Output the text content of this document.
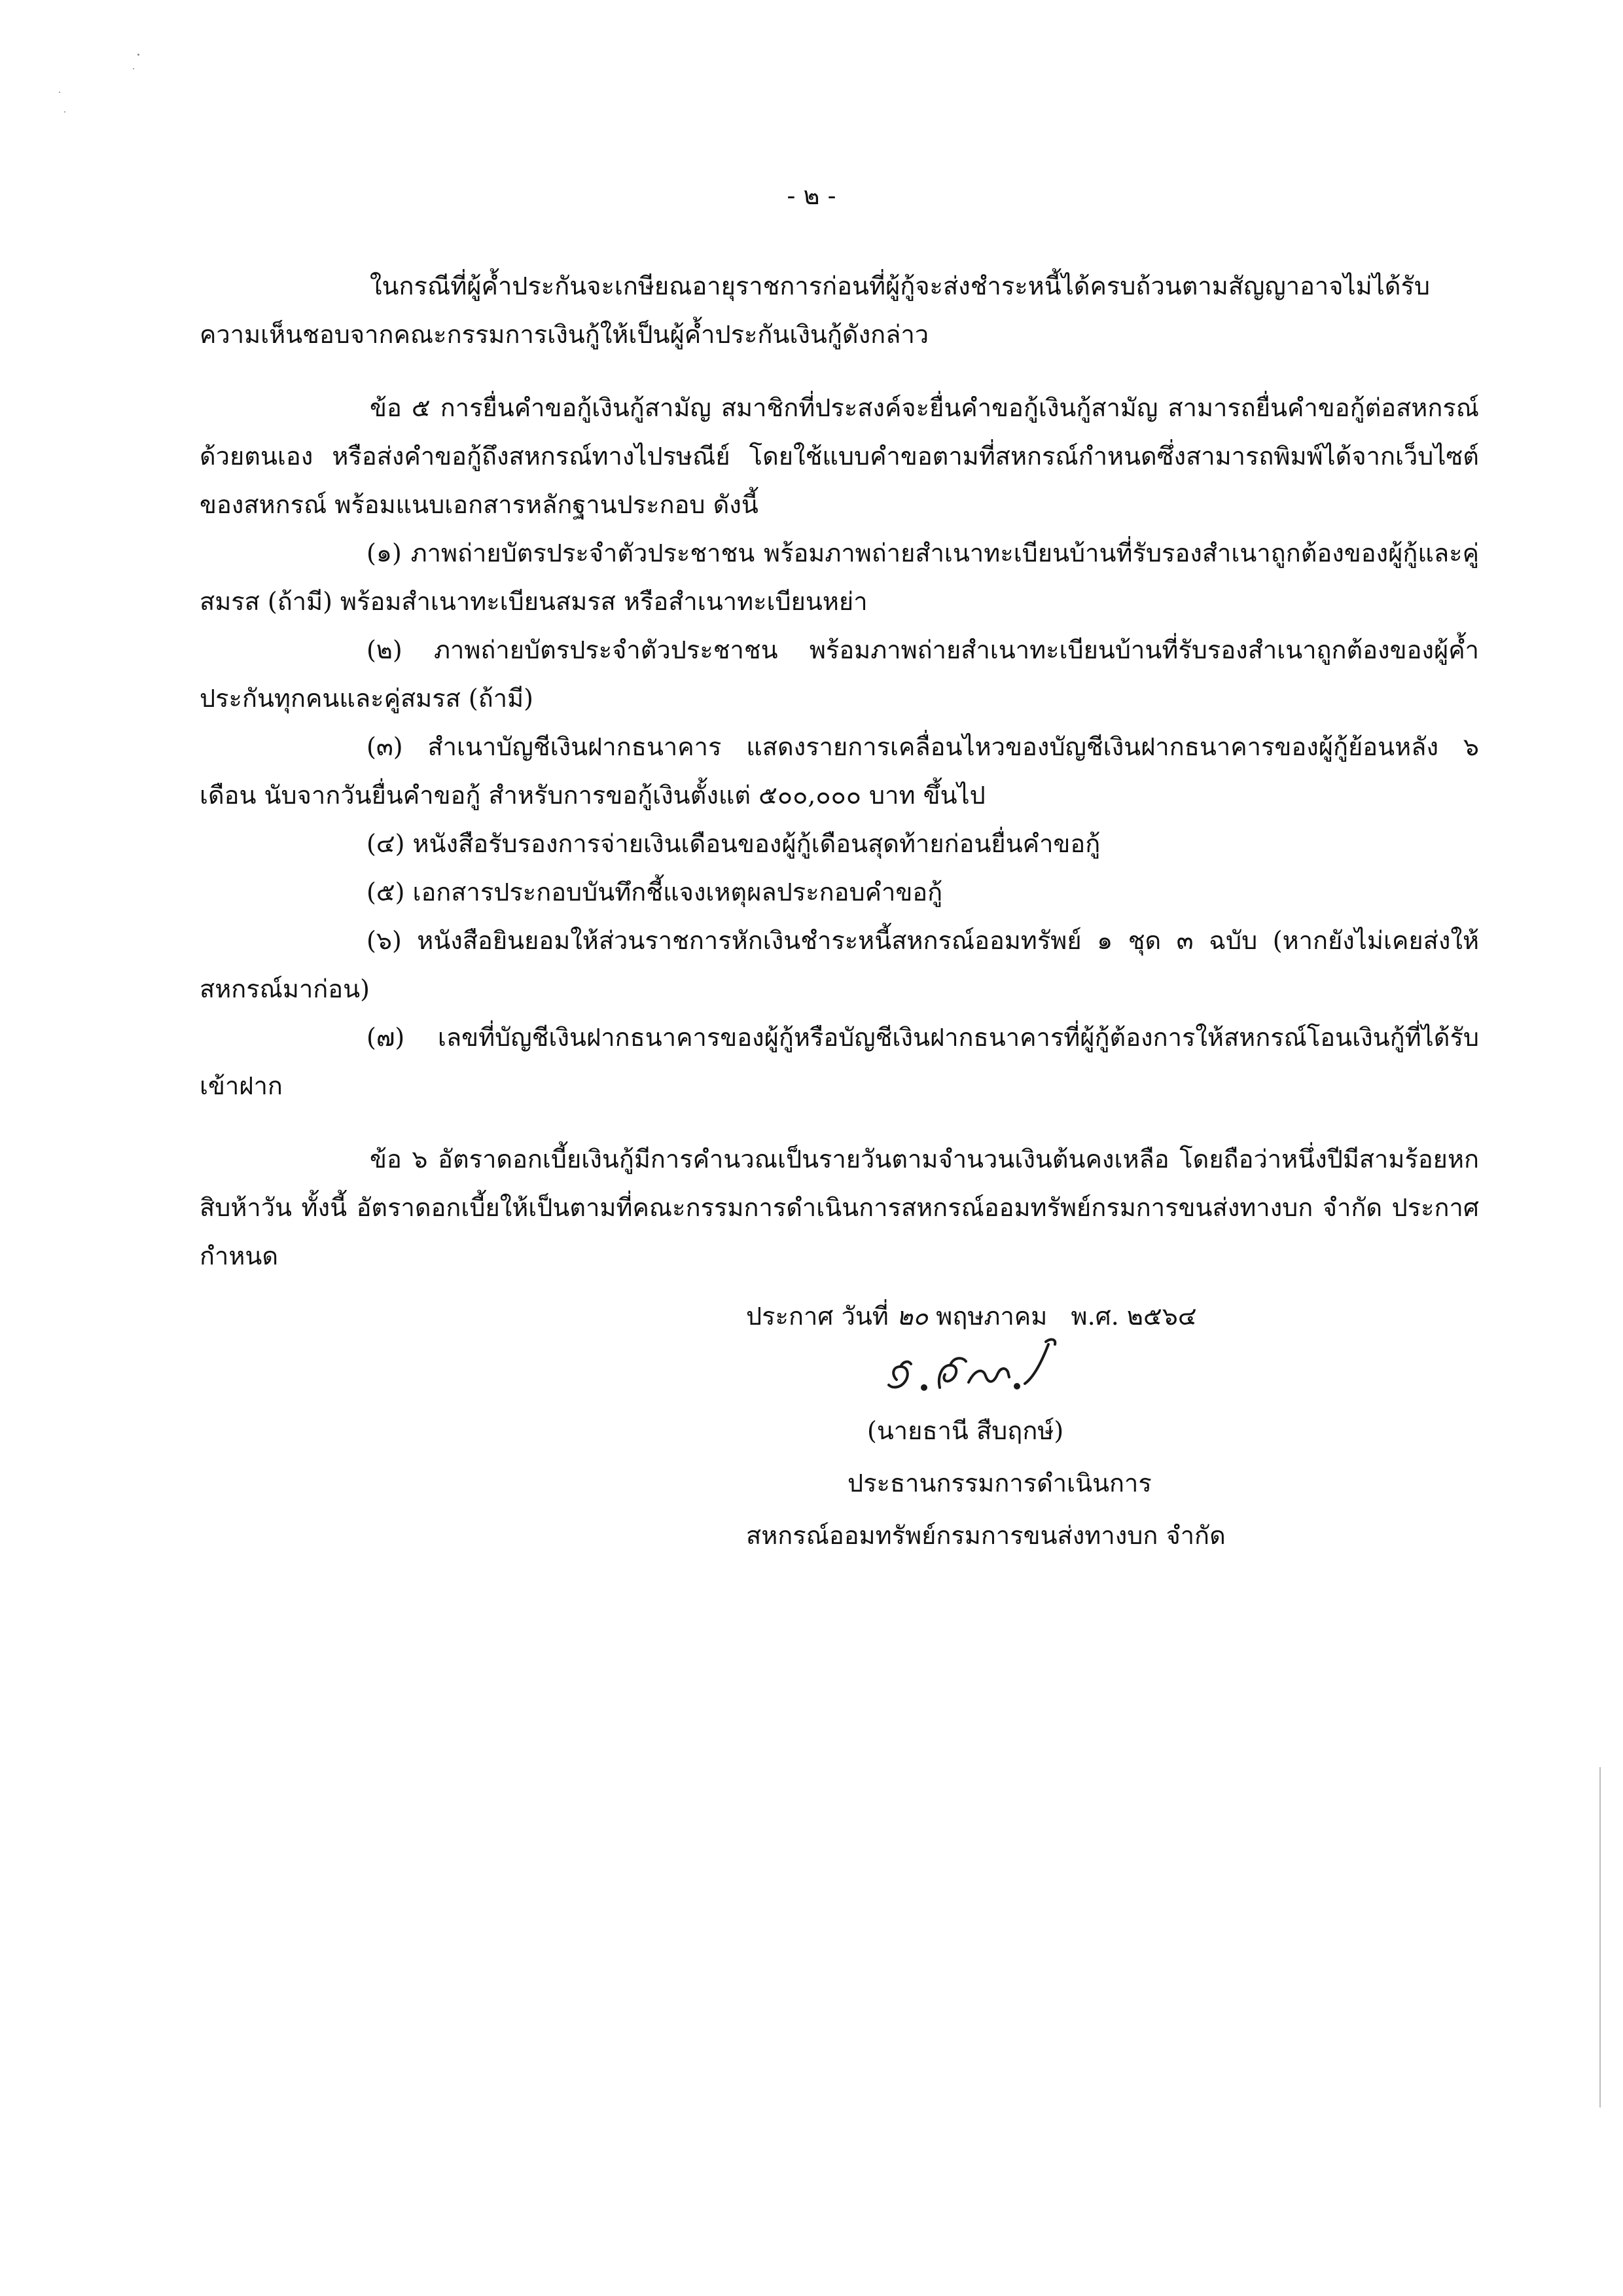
- ๒ -

ในกรณีที่ผู้ค้ำประกันจะเกษียณอายุราชการก่อนที่ผู้กู้จะส่งชำระหนี้ได้ครบถ้วนตามสัญญาอาจไม่ได้รับความเห็นชอบจากคณะกรรมการเงินกู้ให้เป็นผู้ค้ำประกันเงินกู้ดังกล่าว

ข้อ ๕ การยื่นคำขอกู้เงินกู้สามัญ สมาชิกที่ประสงค์จะยื่นคำขอกู้เงินกู้สามัญ สามารถยื่นคำขอกู้ต่อสหกรณ์ด้วยตนเอง หรือส่งคำขอกู้ถึงสหกรณ์ทางไปรษณีย์ โดยใช้แบบคำขอตามที่สหกรณ์กำหนดซึ่งสามารถพิมพ์ได้จากเว็บไซต์ของสหกรณ์ พร้อมแนบเอกสารหลักฐานประกอบ ดังนี้

(๑) ภาพถ่ายบัตรประจำตัวประชาชน พร้อมภาพถ่ายสำเนาทะเบียนบ้านที่รับรองสำเนาถูกต้องของผู้กู้และคู่สมรส (ถ้ามี) พร้อมสำเนาทะเบียนสมรส หรือสำเนาทะเบียนหย่า

(๒) ภาพถ่ายบัตรประจำตัวประชาชน พร้อมภาพถ่ายสำเนาทะเบียนบ้านที่รับรองสำเนาถูกต้องของผู้ค้ำประกันทุกคนและคู่สมรส (ถ้ามี)

(๓) สำเนาบัญชีเงินฝากธนาคาร แสดงรายการเคลื่อนไหวของบัญชีเงินฝากธนาคารของผู้กู้ย้อนหลัง ๖ เดือน นับจากวันยื่นคำขอกู้ สำหรับการขอกู้เงินตั้งแต่ ๕๐๐,๐๐๐ บาท ขึ้นไป

(๔) หนังสือรับรองการจ่ายเงินเดือนของผู้กู้เดือนสุดท้ายก่อนยื่นคำขอกู้

(๕) เอกสารประกอบบันทึกชี้แจงเหตุผลประกอบคำขอกู้

(๖) หนังสือยินยอมให้ส่วนราชการหักเงินชำระหนี้สหกรณ์ออมทรัพย์ ๑ ชุด ๓ ฉบับ (หากยังไม่เคยส่งให้สหกรณ์มาก่อน)

(๗) เลขที่บัญชีเงินฝากธนาคารของผู้กู้หรือบัญชีเงินฝากธนาคารที่ผู้กู้ต้องการให้สหกรณ์โอนเงินกู้ที่ได้รับเข้าฝาก

ข้อ ๖ อัตราดอกเบี้ยเงินกู้มีการคำนวณเป็นรายวันตามจำนวนเงินต้นคงเหลือ โดยถือว่าหนึ่งปีมีสามร้อยหกสิบห้าวัน ทั้งนี้ อัตราดอกเบี้ยให้เป็นตามที่คณะกรรมการดำเนินการสหกรณ์ออมทรัพย์กรมการขนส่งทางบก จำกัด ประกาศกำหนด

ประกาศ วันที่ ๒๐ พฤษภาคม พ.ศ. ๒๕๖๔
(นายธานี สืบฤกษ์)
ประธานกรรมการดำเนินการ
สหกรณ์ออมทรัพย์กรมการขนส่งทางบก จำกัด
